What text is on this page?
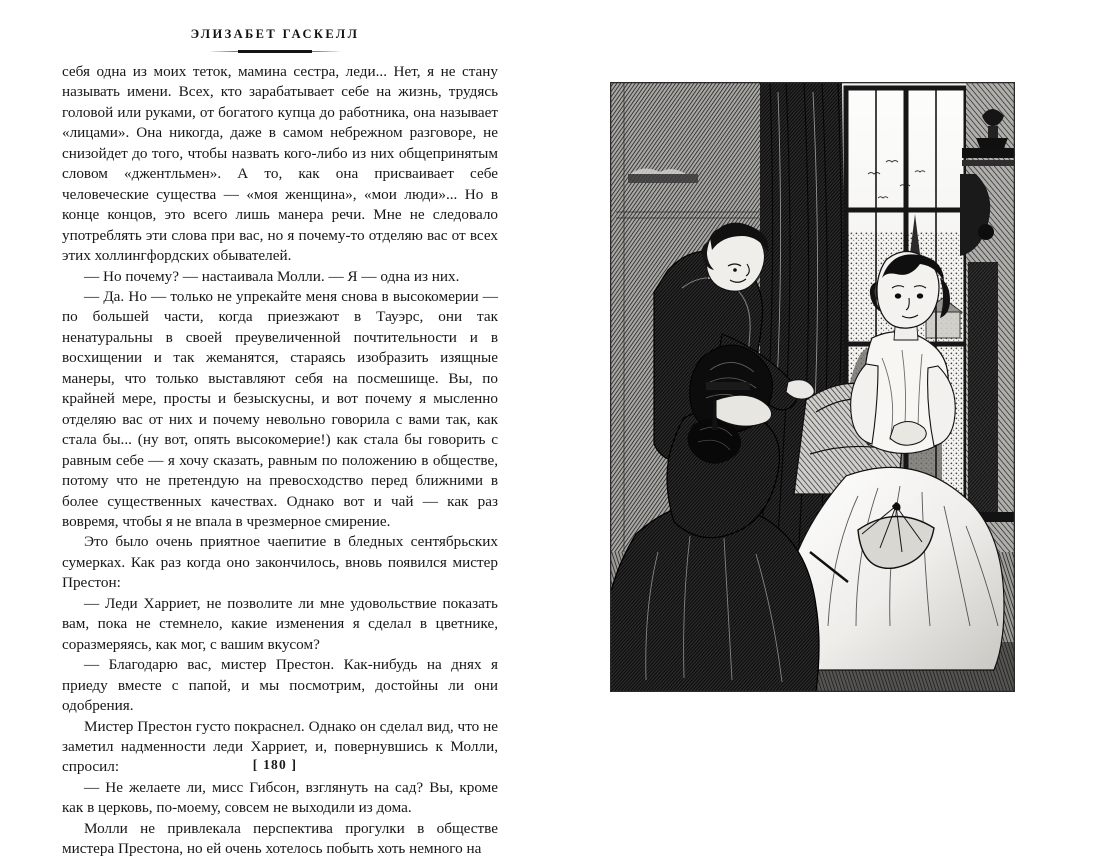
ЭЛИЗАБЕТ ГАСКЕЛЛ

себя одна из моих теток, мамина сестра, леди... Нет, я не стану называть имени. Всех, кто зарабатывает себе на жизнь, трудясь головой или руками, от богатого купца до работника, она называет «лицами». Она никогда, даже в самом небрежном разговоре, не снизойдет до того, чтобы назвать кого-либо из них общепринятым словом «джентльмен». А то, как она присваивает себе человеческие существа — «моя женщина», «мои люди»... Но в конце концов, это всего лишь манера речи. Мне не следовало употреблять эти слова при вас, но я почему-то отделяю вас от всех этих холлингфордских обывателей.

— Но почему? — настаивала Молли. — Я — одна из них.

— Да. Но — только не упрекайте меня снова в высокомерии — по большей части, когда приезжают в Тауэрс, они так ненатуральны в своей преувеличенной почтительности и в восхищении и так жеманятся, стараясь изобразить изящные манеры, что только выставляют себя на посмешище. Вы, по крайней мере, просты и безыскусны, и вот почему я мысленно отделяю вас от них и почему невольно говорила с вами так, как стала бы... (ну вот, опять высокомерие!) как стала бы говорить с равным себе — я хочу сказать, равным по положению в обществе, потому что не претендую на превосходство перед ближними в более существенных качествах. Однако вот и чай — как раз вовремя, чтобы я не впала в чрезмерное смирение.

Это было очень приятное чаепитие в бледных сентябрьских сумерках. Как раз когда оно закончилось, вновь появился мистер Престон:

— Леди Харриет, не позволите ли мне удовольствие показать вам, пока не стемнело, какие изменения я сделал в цветнике, соразмеряясь, как мог, с вашим вкусом?

— Благодарю вас, мистер Престон. Как-нибудь на днях я приеду вместе с папой, и мы посмотрим, достойны ли они одобрения.

Мистер Престон густо покраснел. Однако он сделал вид, что не заметил надменности леди Харриет, и, повернувшись к Молли, спросил:

— Не желаете ли, мисс Гибсон, взглянуть на сад? Вы, кроме как в церковь, по-моему, совсем не выходили из дома.

Молли не привлекала перспектива прогулки в обществе мистера Престона, но ей очень хотелось побыть хоть немного на

[ 180 ]
